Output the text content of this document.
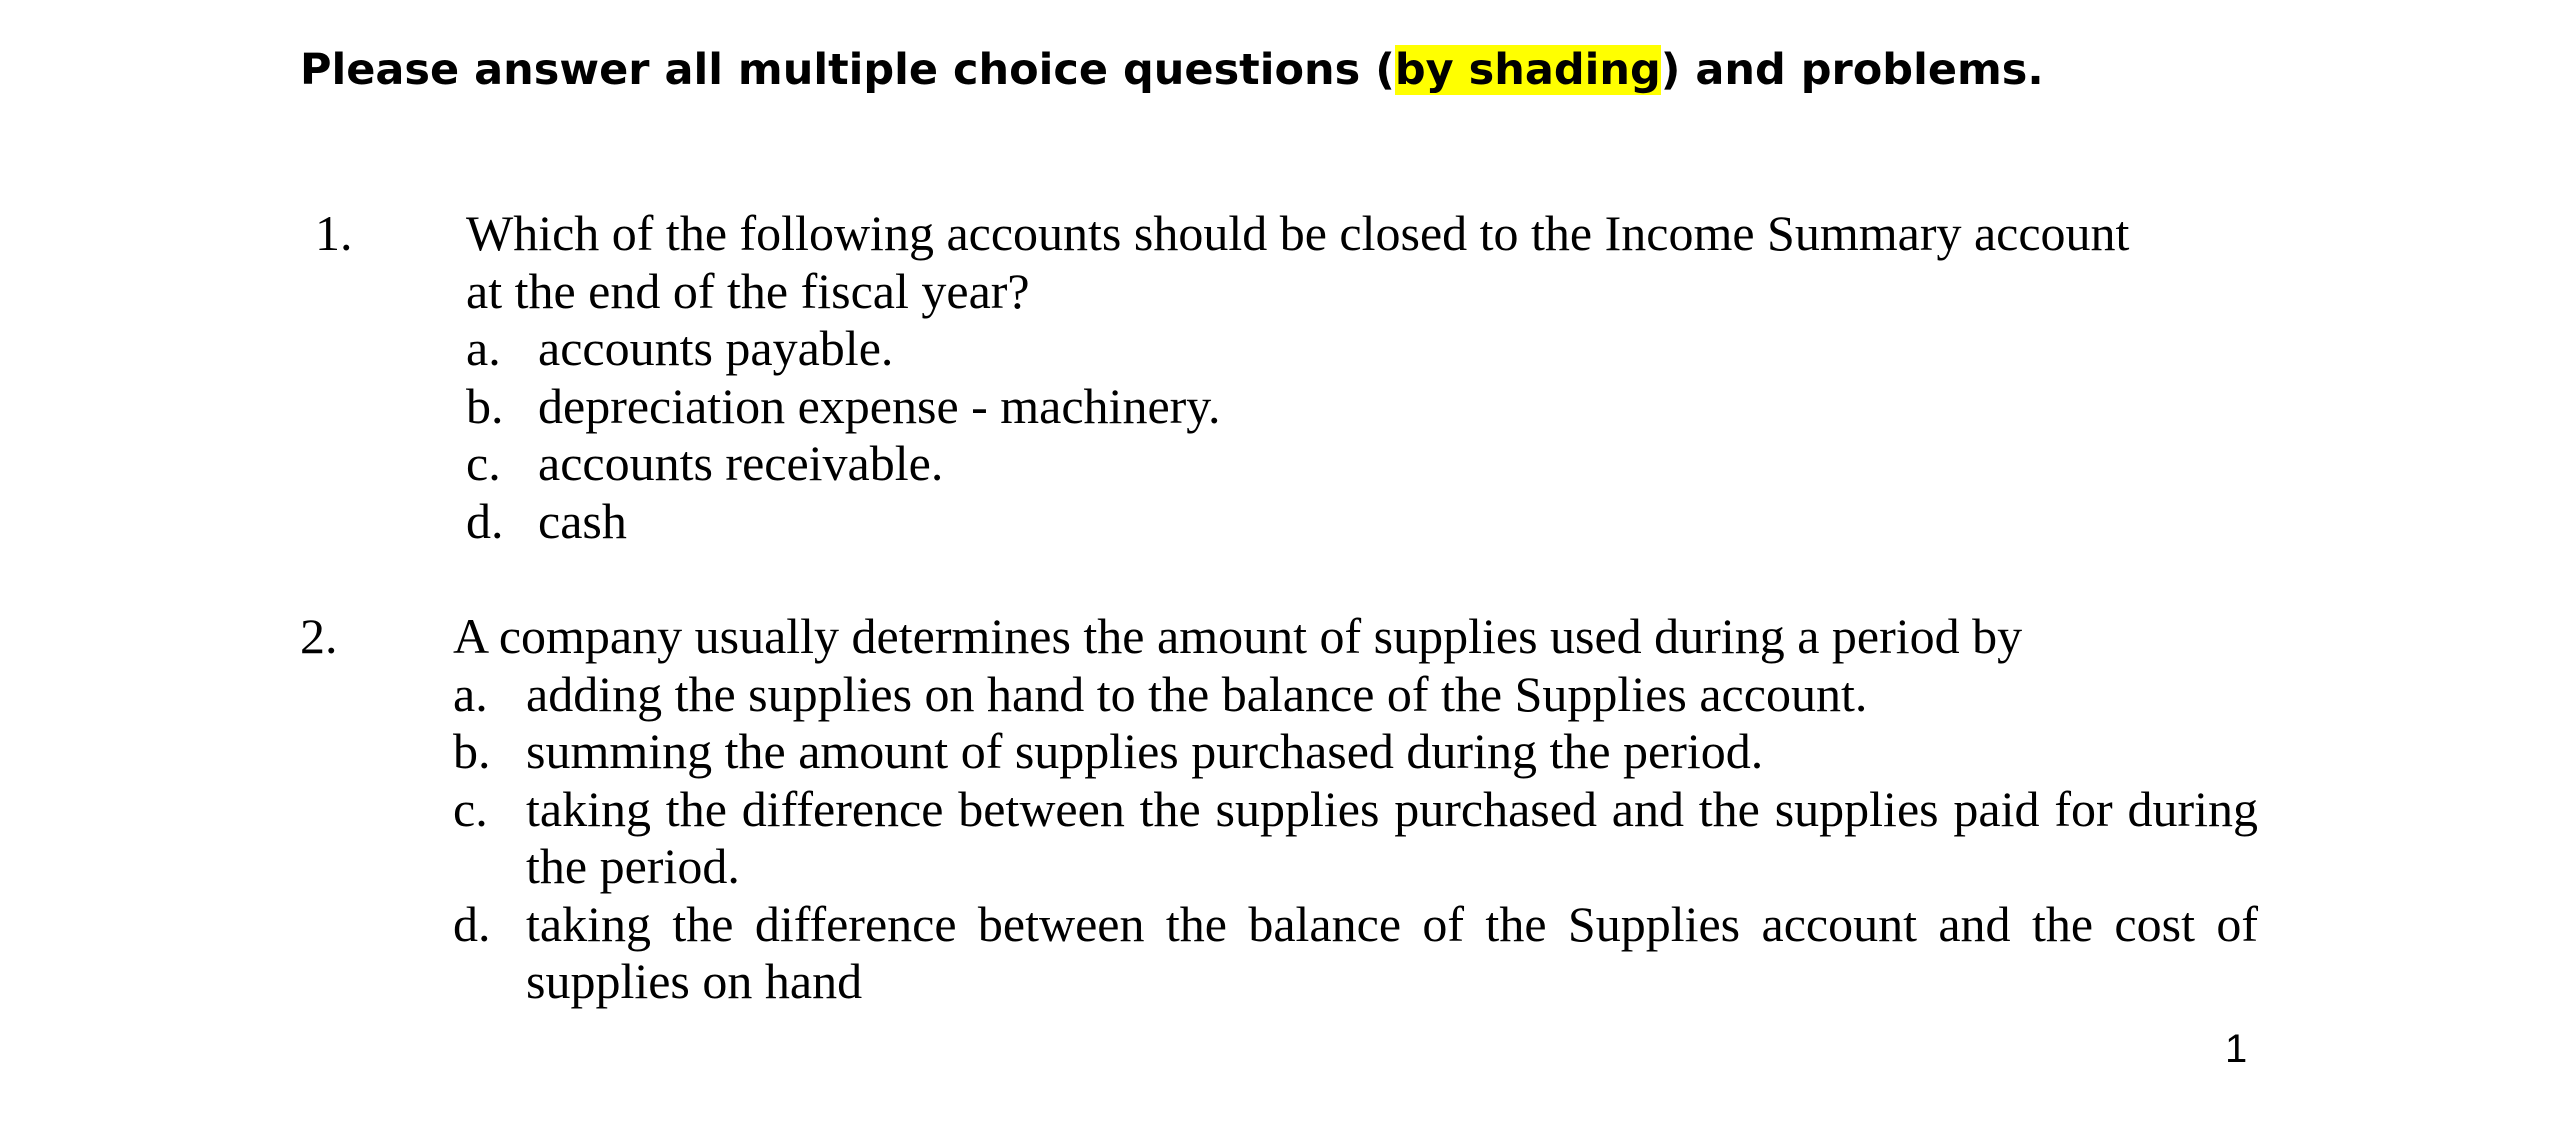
Please answer all multiple choice questions (by shading) and problems.

1. Which of the following accounts should be closed to the Income Summary account at the end of the fiscal year?
a. accounts payable.
b. depreciation expense - machinery.
c. accounts receivable.
d. cash
2. A company usually determines the amount of supplies used during a period by
a. adding the supplies on hand to the balance of the Supplies account.
b. summing the amount of supplies purchased during the period.
c. taking the difference between the supplies purchased and the supplies paid for during the period.
d. taking the difference between the balance of the Supplies account and the cost of supplies on hand

1
